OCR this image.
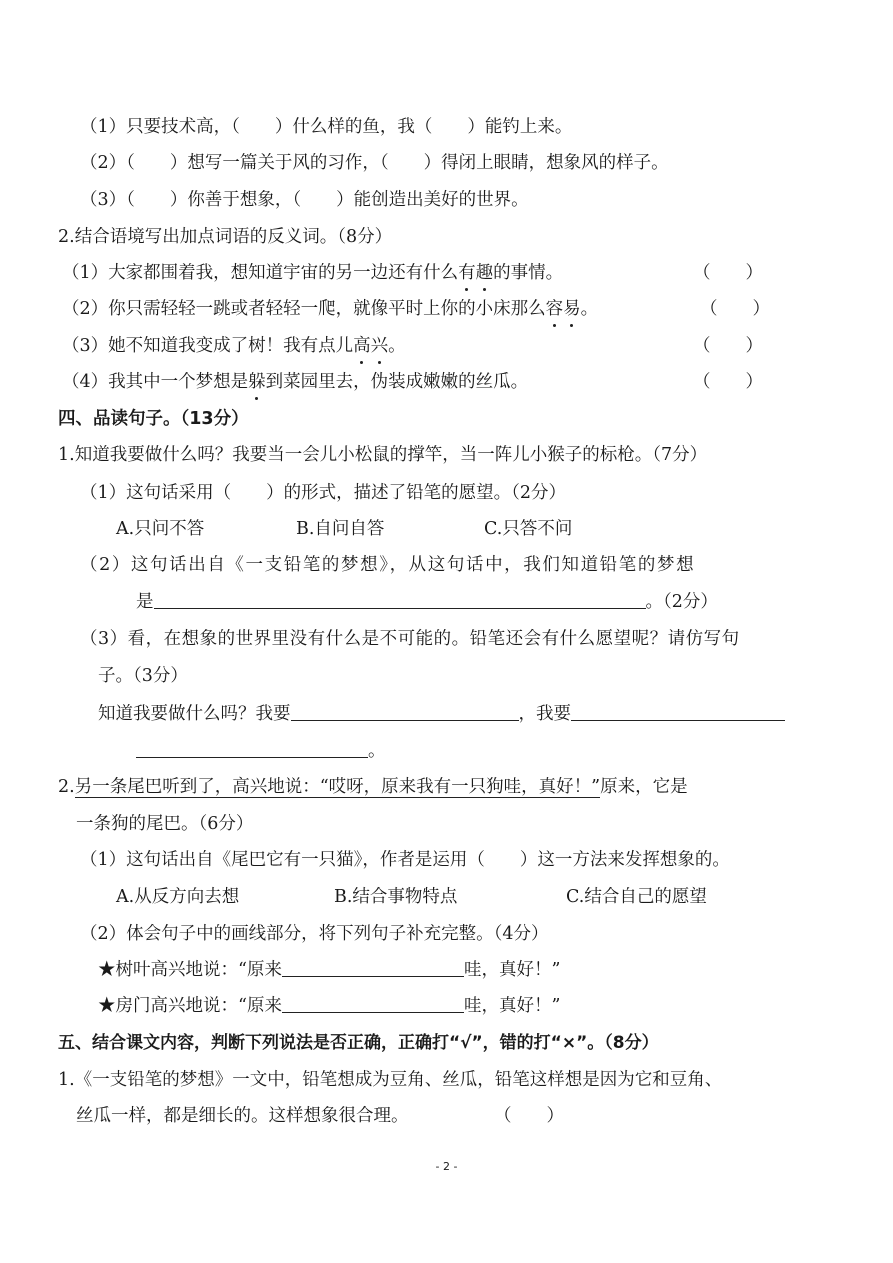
（1）只要技术高，（　　）什么样的鱼，我（　　）能钓上来。
（2）（　　）想写一篇关于风的习作，（　　）得闭上眼睛，想象风的样子。
（3）（　　）你善于想象，（　　）能创造出美好的世界。
2.结合语境写出加点词语的反义词。（8分）
（1）大家都围着我，想知道宇宙的另一边还有什么有趣的事情。	（　　）
（2）你只需轻轻一跳或者轻轻一爬，就像平时上你的小床那么容易。	（　　）
（3）她不知道我变成了树！我有点儿高兴。	（　　）
（4）我其中一个梦想是躲到菜园里去，伪装成嫩嫩的丝瓜。	（　　）
四、品读句子。（13分）
1.知道我要做什么吗？我要当一会儿小松鼠的撑竿，当一阵儿小猴子的标枪。（7分）
（1）这句话采用（　　）的形式，描述了铅笔的愿望。（2分）
A.只问不答	B.自问自答	C.只答不问
（2）这句话出自《一支铅笔的梦想》，从这句话中，我们知道铅笔的梦想
是	。（2分）
（3）看，在想象的世界里没有什么是不可能的。铅笔还会有什么愿望呢？请仿写句
子。（3分）
知道我要做什么吗？我要	，我要
。
2.另一条尾巴听到了，高兴地说：“哎呀，原来我有一只狗哇，真好！”原来，它是
一条狗的尾巴。（6分）
（1）这句话出自《尾巴它有一只猫》，作者是运用（　　）这一方法来发挥想象的。
A.从反方向去想	B.结合事物特点	C.结合自己的愿望
（2）体会句子中的画线部分，将下列句子补充完整。（4分）
★树叶高兴地说：“原来	哇，真好！”
★房门高兴地说：“原来	哇，真好！”
五、结合课文内容，判断下列说法是否正确，正确打“√”，错的打“×”。（8分）
1.《一支铅笔的梦想》一文中，铅笔想成为豆角、丝瓜，铅笔这样想是因为它和豆角、
丝瓜一样，都是细长的。这样想象很合理。	（　　）
- 2 -
